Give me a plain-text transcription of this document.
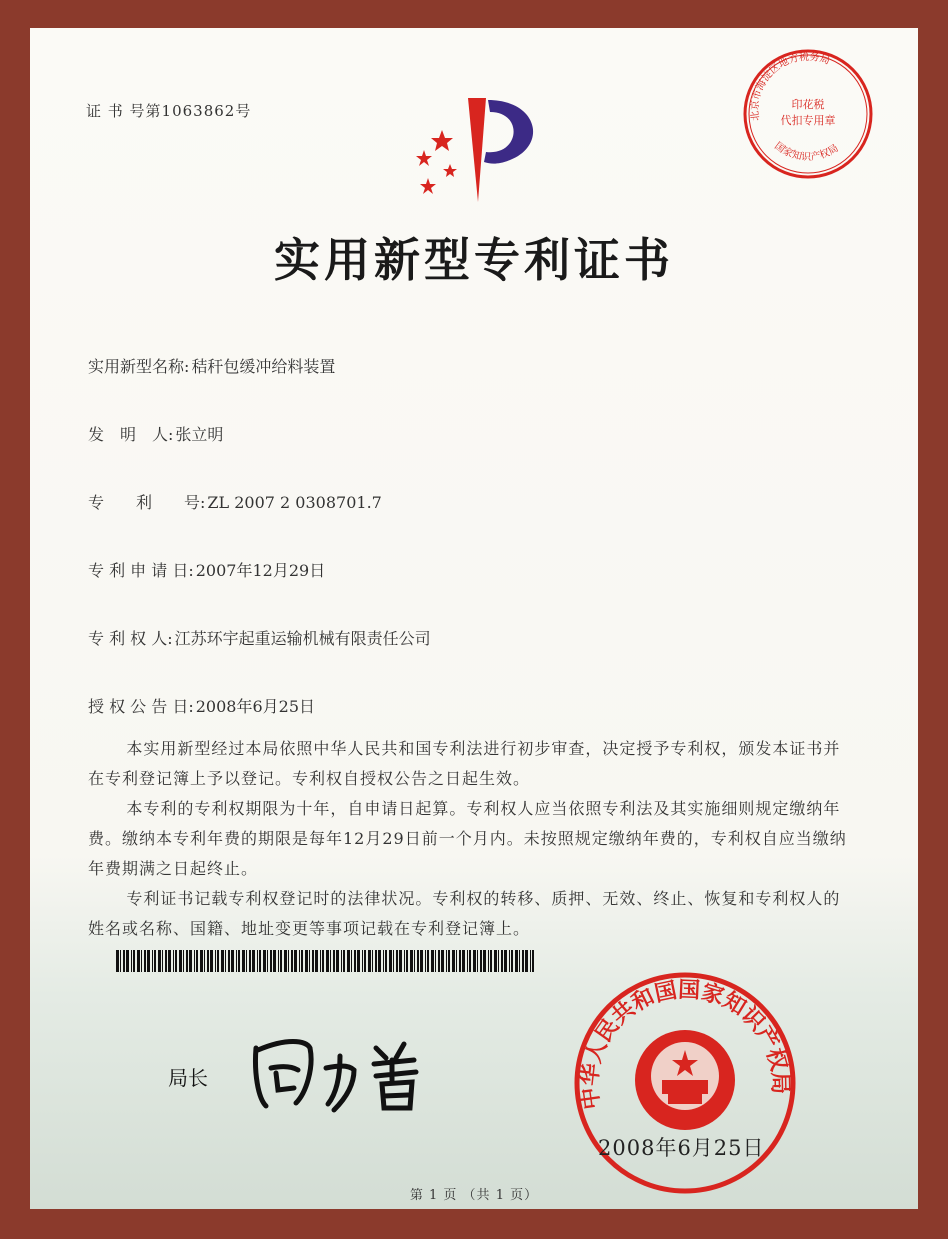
证 书 号第1063862号
实用新型专利证书
实用新型名称: 秸秆包缓冲给料装置
发　明　人: 张立明
专　　利　　号: ZL 2007 2 0308701.7
专 利 申 请 日: 2007年12月29日
专 利 权 人: 江苏环宇起重运输机械有限责任公司
授 权 公 告 日: 2008年6月25日

本实用新型经过本局依照中华人民共和国专利法进行初步审查，决定授予专利权，颁发本证书并在专利登记簿上予以登记。专利权自授权公告之日起生效。

本专利的专利权期限为十年，自申请日起算。专利权人应当依照专利法及其实施细则规定缴纳年费。缴纳本专利年费的期限是每年12月29日前一个月内。未按照规定缴纳年费的，专利权自应当缴纳年费期满之日起终止。

专利证书记载专利权登记时的法律状况。专利权的转移、质押、无效、终止、恢复和专利权人的姓名或名称、国籍、地址变更等事项记载在专利登记簿上。

局长
印花税
代扣专用章
北京市海淀区地方税务局
国家知识产权局
中华人民共和国国家知识产权局
2008年6月25日
第 1 页 （共 1 页）
